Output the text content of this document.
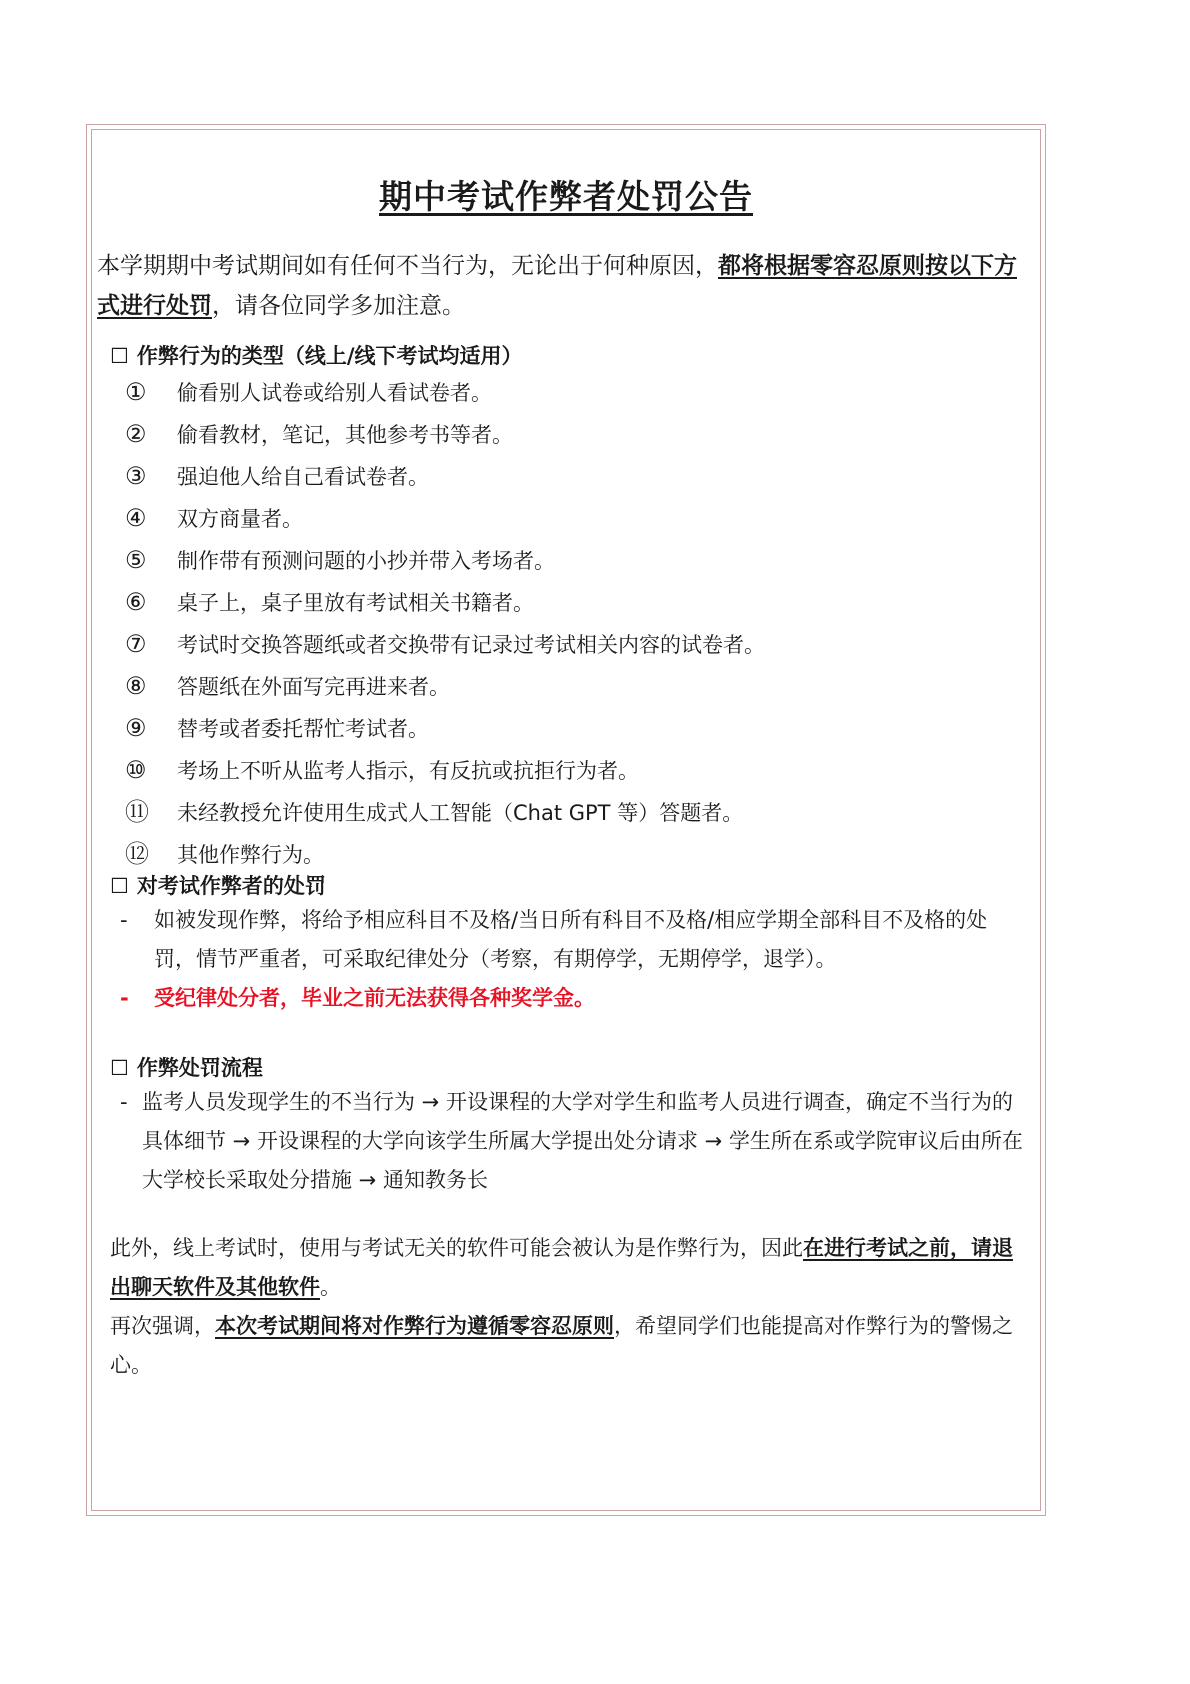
期中考试作弊者处罚公告
本学期期中考试期间如有任何不当行为，无论出于何种原因，都将根据零容忍原则按以下方式进行处罚，请各位同学多加注意。
☐ 作弊行为的类型（线上/线下考试均适用）
① 偷看别人试卷或给别人看试卷者。
② 偷看教材，笔记，其他参考书等者。
③ 强迫他人给自己看试卷者。
④ 双方商量者。
⑤ 制作带有预测问题的小抄并带入考场者。
⑥ 桌子上，桌子里放有考试相关书籍者。
⑦ 考试时交换答题纸或者交换带有记录过考试相关内容的试卷者。
⑧ 答题纸在外面写完再进来者。
⑨ 替考或者委托帮忙考试者。
⑩ 考场上不听从监考人指示，有反抗或抗拒行为者。
⑪ 未经教授允许使用生成式人工智能（Chat GPT 等）答题者。
⑫ 其他作弊行为。
☐ 对考试作弊者的处罚
- 如被发现作弊，将给予相应科目不及格/当日所有科目不及格/相应学期全部科目不及格的处罚，情节严重者，可采取纪律处分（考察，有期停学，无期停学，退学）。
- 受纪律处分者，毕业之前无法获得各种奖学金。
☐ 作弊处罚流程
- 监考人员发现学生的不当行为 → 开设课程的大学对学生和监考人员进行调查，确定不当行为的具体细节 → 开设课程的大学向该学生所属大学提出处分请求 → 学生所在系或学院审议后由所在大学校长采取处分措施 → 通知教务长
此外，线上考试时，使用与考试无关的软件可能会被认为是作弊行为，因此在进行考试之前，请退出聊天软件及其他软件。
再次强调，本次考试期间将对作弊行为遵循零容忍原则，希望同学们也能提高对作弊行为的警惕之心。
